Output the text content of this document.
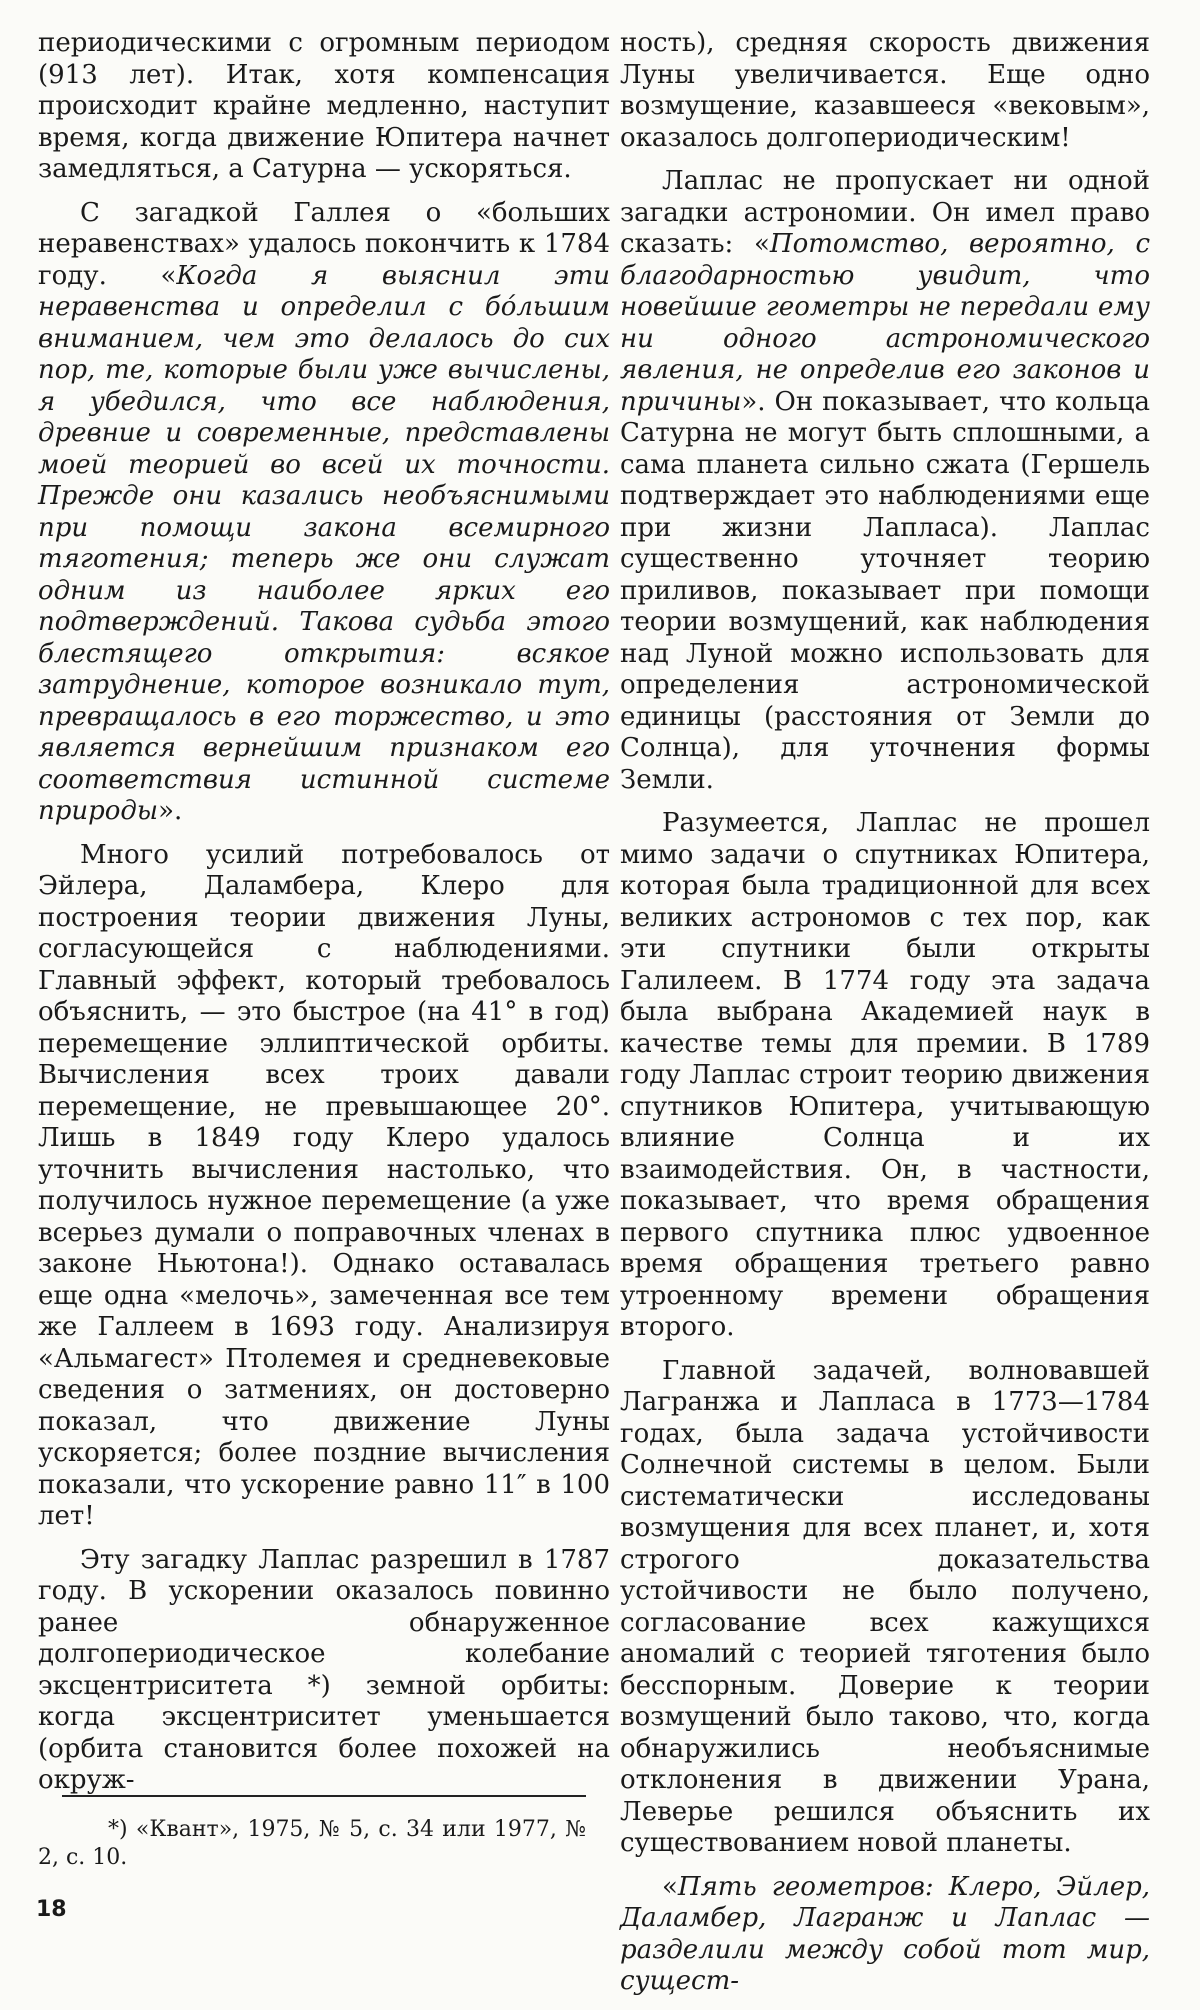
периодическими с огромным периодом (913 лет). Итак, хотя компенсация происходит крайне медленно, наступит время, когда движение Юпитера начнет замедляться, а Сатурна — ускоряться.

С загадкой Галлея о «больших неравенствах» удалось покончить к 1784 году. «Когда я выяснил эти неравенства и определил с бо́льшим вниманием, чем это делалось до сих пор, те, которые были уже вычислены, я убедился, что все наблюдения, древние и современные, представлены моей теорией во всей их точности. Прежде они казались необъяснимыми при помощи закона всемирного тяготения; теперь же они служат одним из наиболее ярких его подтверждений. Такова судьба этого блестящего открытия: всякое затруднение, которое возникало тут, превращалось в его торжество, и это является вернейшим признаком его соответствия истинной системе природы».

Много усилий потребовалось от Эйлера, Даламбера, Клеро для построения теории движения Луны, согласующейся с наблюдениями. Главный эффект, который требовалось объяснить, — это быстрое (на 41° в год) перемещение эллиптической орбиты. Вычисления всех троих давали перемещение, не превышающее 20°. Лишь в 1849 году Клеро удалось уточнить вычисления настолько, что получилось нужное перемещение (а уже всерьез думали о поправочных членах в законе Ньютона!). Однако оставалась еще одна «мелочь», замеченная все тем же Галлеем в 1693 году. Анализируя «Альмагест» Птолемея и средневековые сведения о затмениях, он достоверно показал, что движение Луны ускоряется; более поздние вычисления показали, что ускорение равно 11″ в 100 лет!

Эту загадку Лаплас разрешил в 1787 году. В ускорении оказалось повинно ранее обнаруженное долгопериодическое колебание эксцентриситета *) земной орбиты: когда эксцентриситет уменьшается (орбита становится более похожей на окруж-

ность), средняя скорость движения Луны увеличивается. Еще одно возмущение, казавшееся «вековым», оказалось долгопериодическим!

Лаплас не пропускает ни одной загадки астрономии. Он имел право сказать: «Потомство, вероятно, с благодарностью увидит, что новейшие геометры не передали ему ни одного астрономического явления, не определив его законов и причины». Он показывает, что кольца Сатурна не могут быть сплошными, а сама планета сильно сжата (Гершель подтверждает это наблюдениями еще при жизни Лапласа). Лаплас существенно уточняет теорию приливов, показывает при помощи теории возмущений, как наблюдения над Луной можно использовать для определения астрономической единицы (расстояния от Земли до Солнца), для уточнения формы Земли.

Разумеется, Лаплас не прошел мимо задачи о спутниках Юпитера, которая была традиционной для всех великих астрономов с тех пор, как эти спутники были открыты Галилеем. В 1774 году эта задача была выбрана Академией наук в качестве темы для премии. В 1789 году Лаплас строит теорию движения спутников Юпитера, учитывающую влияние Солнца и их взаимодействия. Он, в частности, показывает, что время обращения первого спутника плюс удвоенное время обращения третьего равно утроенному времени обращения второго.

Главной задачей, волновавшей Лагранжа и Лапласа в 1773—1784 годах, была задача устойчивости Солнечной системы в целом. Были систематически исследованы возмущения для всех планет, и, хотя строгого доказательства устойчивости не было получено, согласование всех кажущихся аномалий с теорией тяготения было бесспорным. Доверие к теории возмущений было таково, что, когда обнаружились необъяснимые отклонения в движении Урана, Леверье решился объяснить их существованием новой планеты.

«Пять геометров: Клеро, Эйлер, Даламбер, Лагранж и Лаплас — разделили между собой тот мир, сущест-

*) «Квант», 1975, № 5, с. 34 или 1977, № 2, с. 10.
18
